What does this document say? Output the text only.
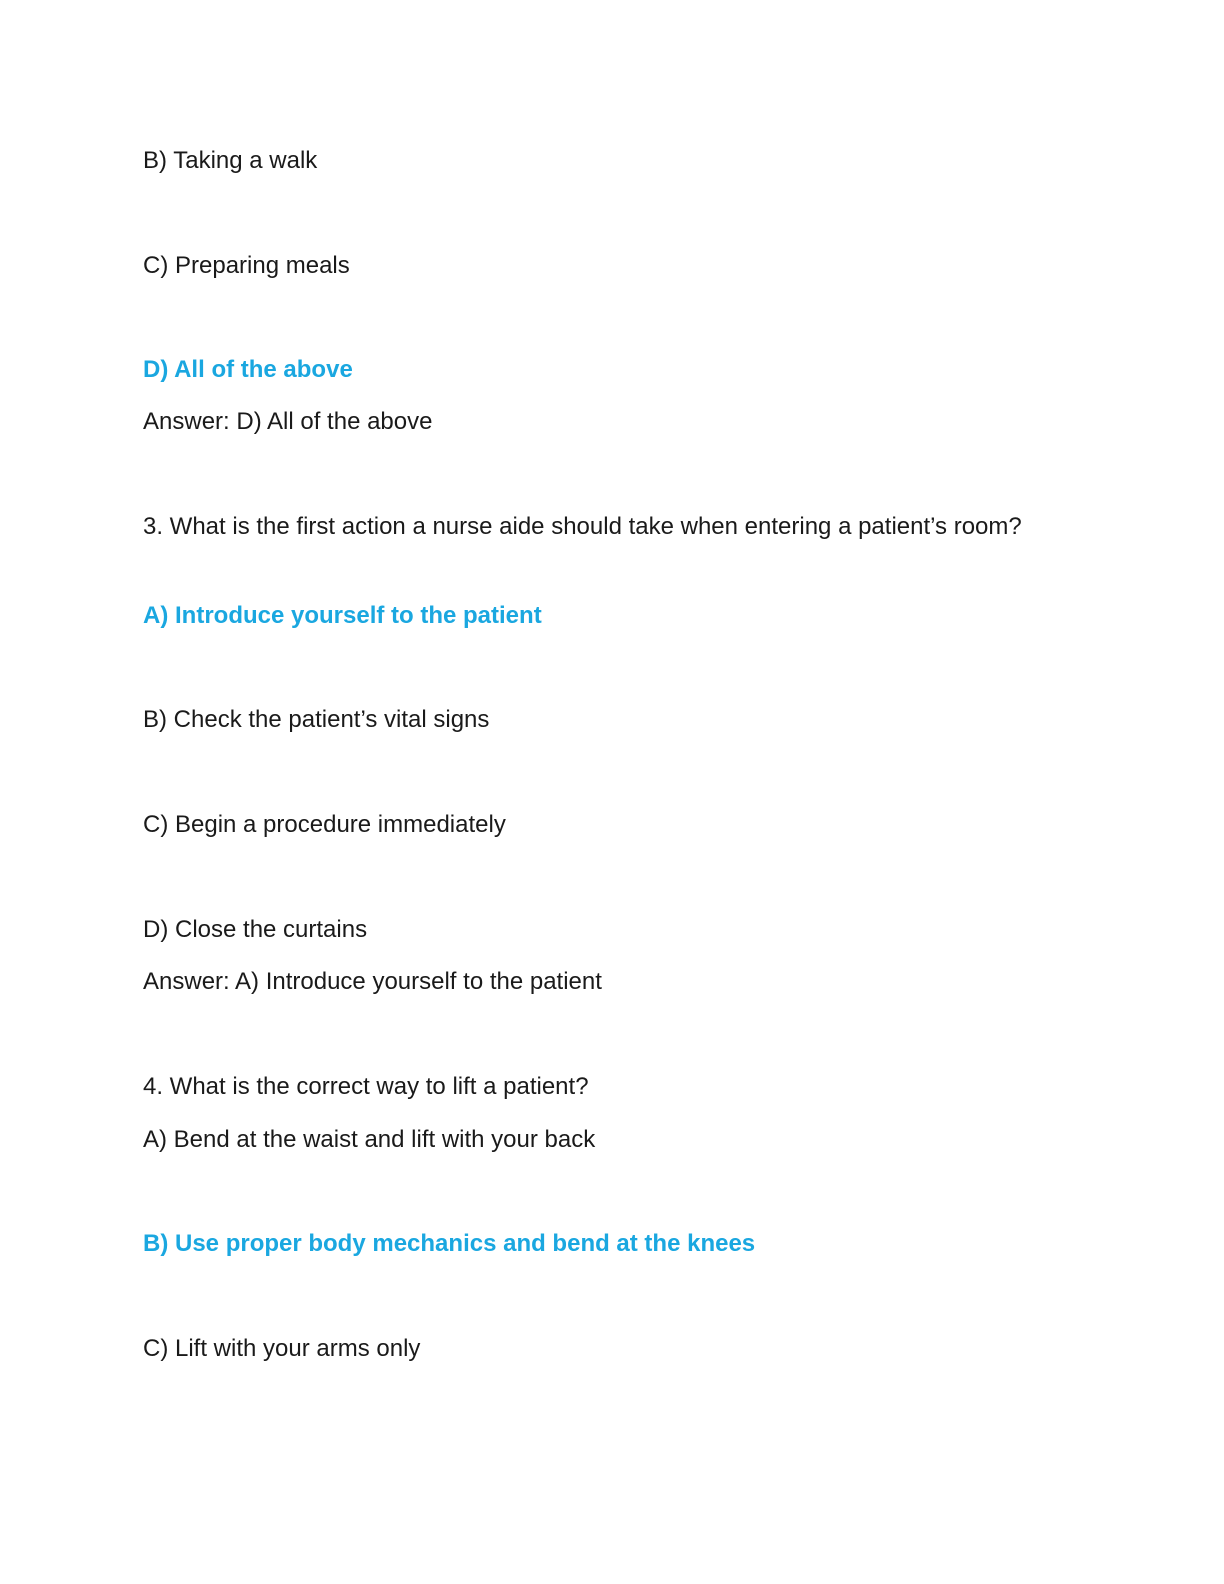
B) Taking a walk

C) Preparing meals

D) All of the above

Answer: D) All of the above

3. What is the first action a nurse aide should take when entering a patient’s room?

A) Introduce yourself to the patient

B) Check the patient’s vital signs

C) Begin a procedure immediately

D) Close the curtains

Answer: A) Introduce yourself to the patient

4. What is the correct way to lift a patient?

A) Bend at the waist and lift with your back

B) Use proper body mechanics and bend at the knees

C) Lift with your arms only
